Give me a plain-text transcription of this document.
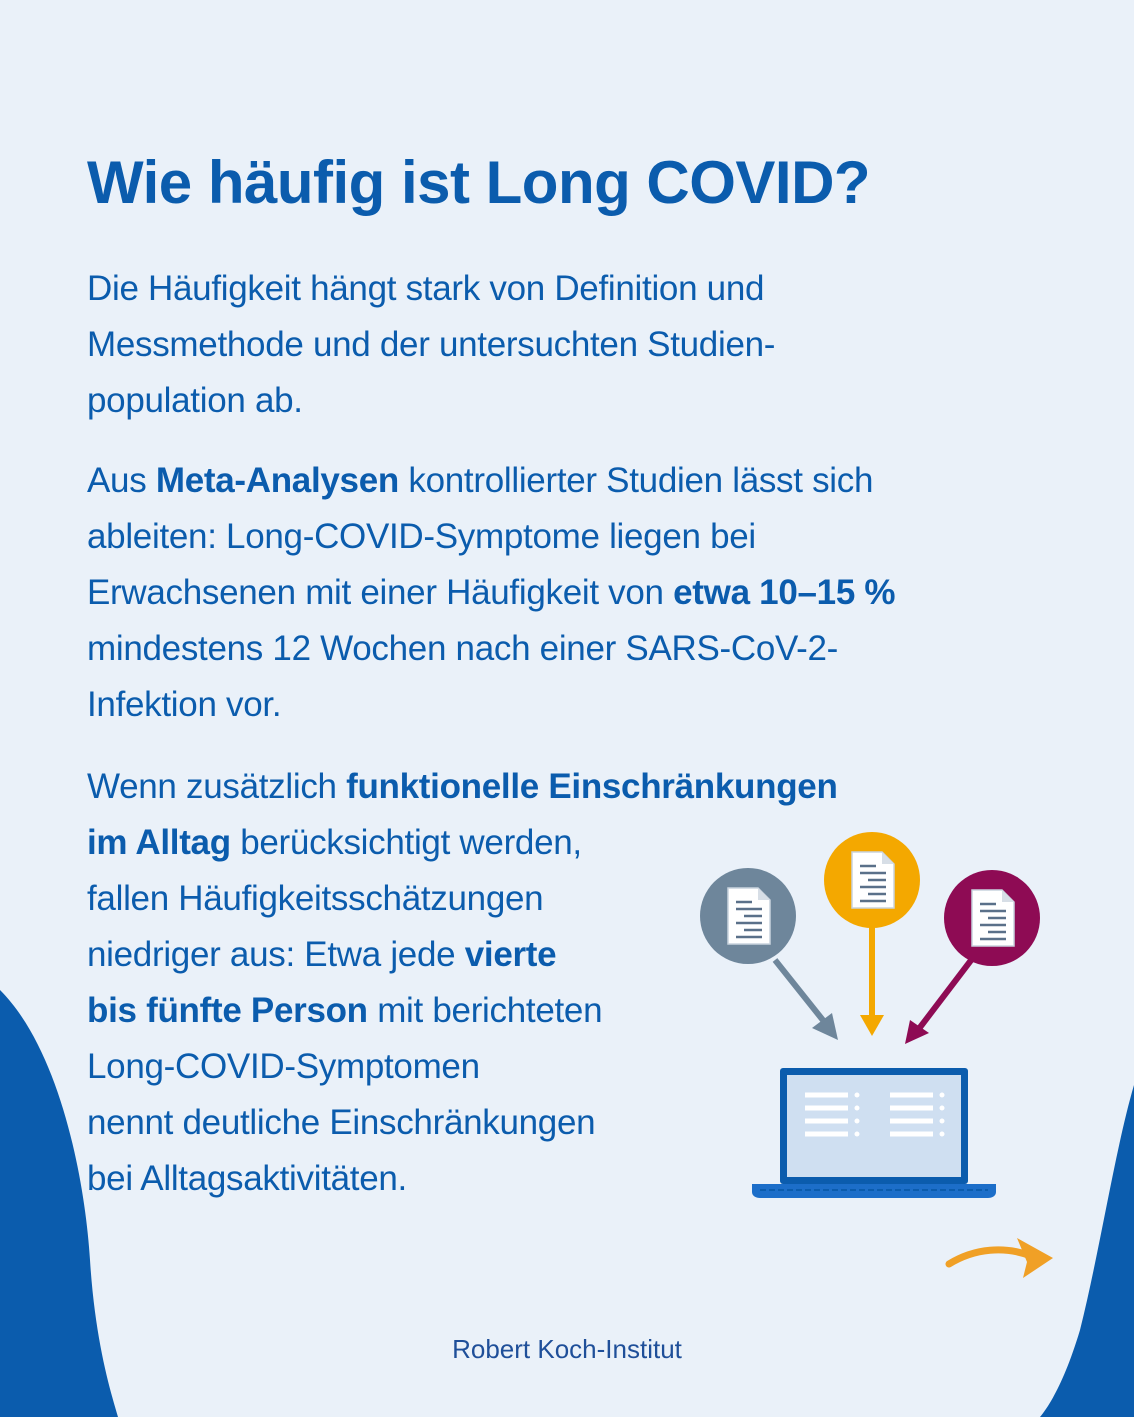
Wie häufig ist Long COVID?
Die Häufigkeit hängt stark von Definition und
Messmethode und der untersuchten Studien-
population ab.
Aus Meta-Analysen kontrollierter Studien lässt sich
ableiten: Long-COVID-Symptome liegen bei
Erwachsenen mit einer Häufigkeit von etwa 10–15 %
mindestens 12 Wochen nach einer SARS-CoV-2-
Infektion vor.
Wenn zusätzlich funktionelle Einschränkungen
im Alltag berücksichtigt werden,
fallen Häufigkeitsschätzungen
niedriger aus: Etwa jede vierte
bis fünfte Person mit berichteten
Long-COVID-Symptomen
nennt deutliche Einschränkungen
bei Alltagsaktivitäten.
Robert Koch-Institut
